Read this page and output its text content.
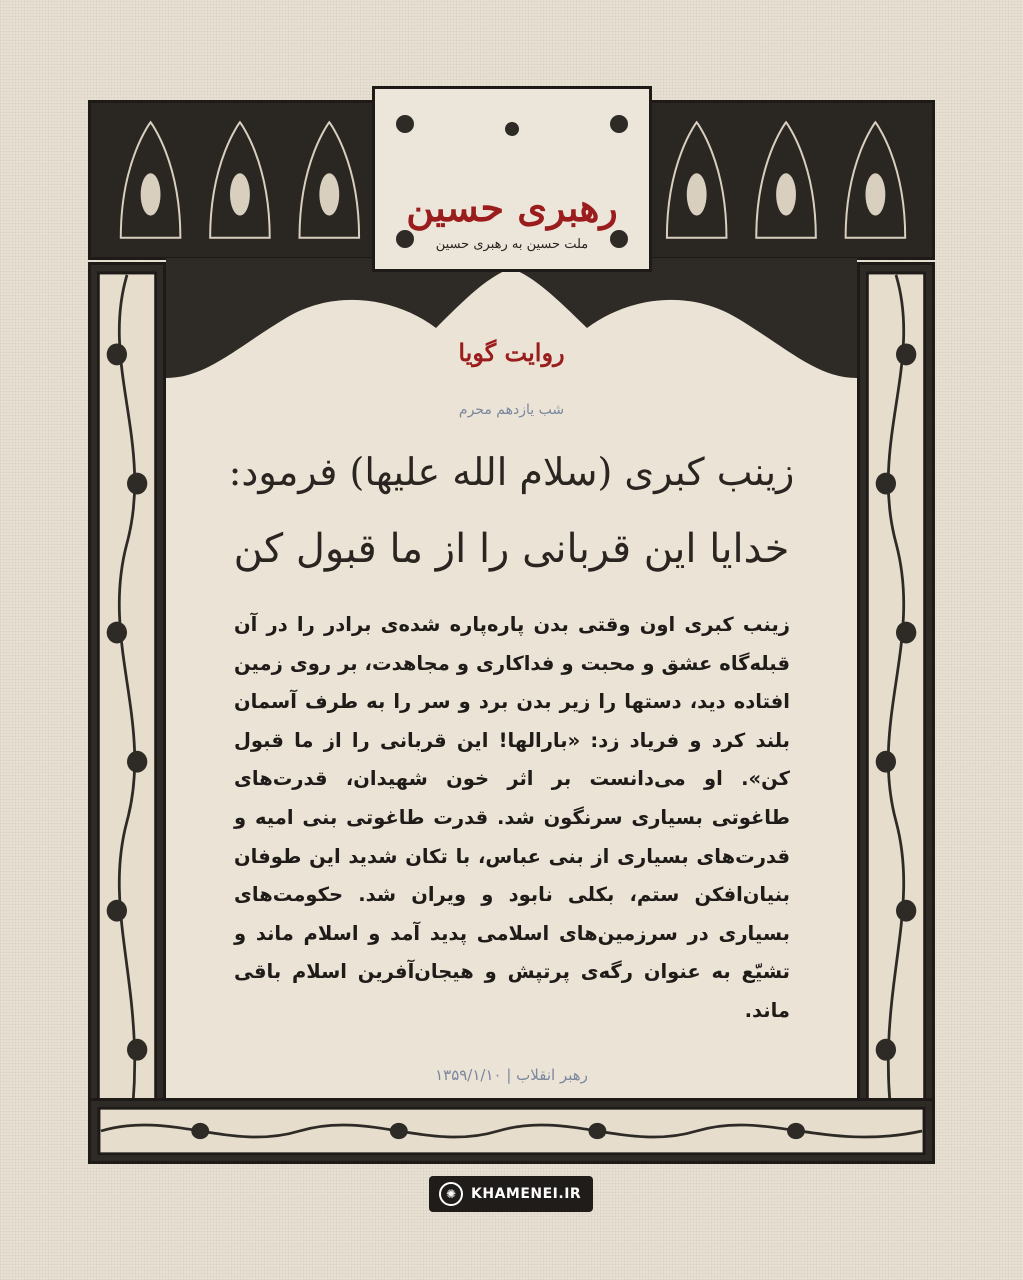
رهبری حسین
ملت حسین به رهبری حسین
روایت گویا
شب یازدهم محرم
زینب کبری (سلام الله علیها) فرمود:
خدایا این قربانی را از ما قبول کن
زینب کبری اون وقتی بدن پاره‌پاره شده‌ی برادر را در آن قبله‌گاه عشق و محبت و فداکاری و مجاهدت، بر روی زمین افتاده دید، دستها را زیر بدن برد و سر را به طرف آسمان بلند کرد و فریاد زد: «بارالها! این قربانی را از ما قبول کن». او می‌دانست بر اثر خون شهیدان، قدرت‌های طاغوتی بسیاری سرنگون شد. قدرت طاغوتی بنی امیه و قدرت‌های بسیاری از بنی عباس، با تکان شدید این طوفان بنیان‌افکن ستم، بکلی نابود و ویران شد. حکومت‌های بسیاری در سرزمین‌های اسلامی پدید آمد و اسلام ماند و تشیّع به عنوان رگه‌ی پرتپش و هیجان‌آفرین اسلام باقی ماند.
رهبر انقلاب | ۱۳۵۹/۱/۱۰
✺	KHAMENEI.IR
